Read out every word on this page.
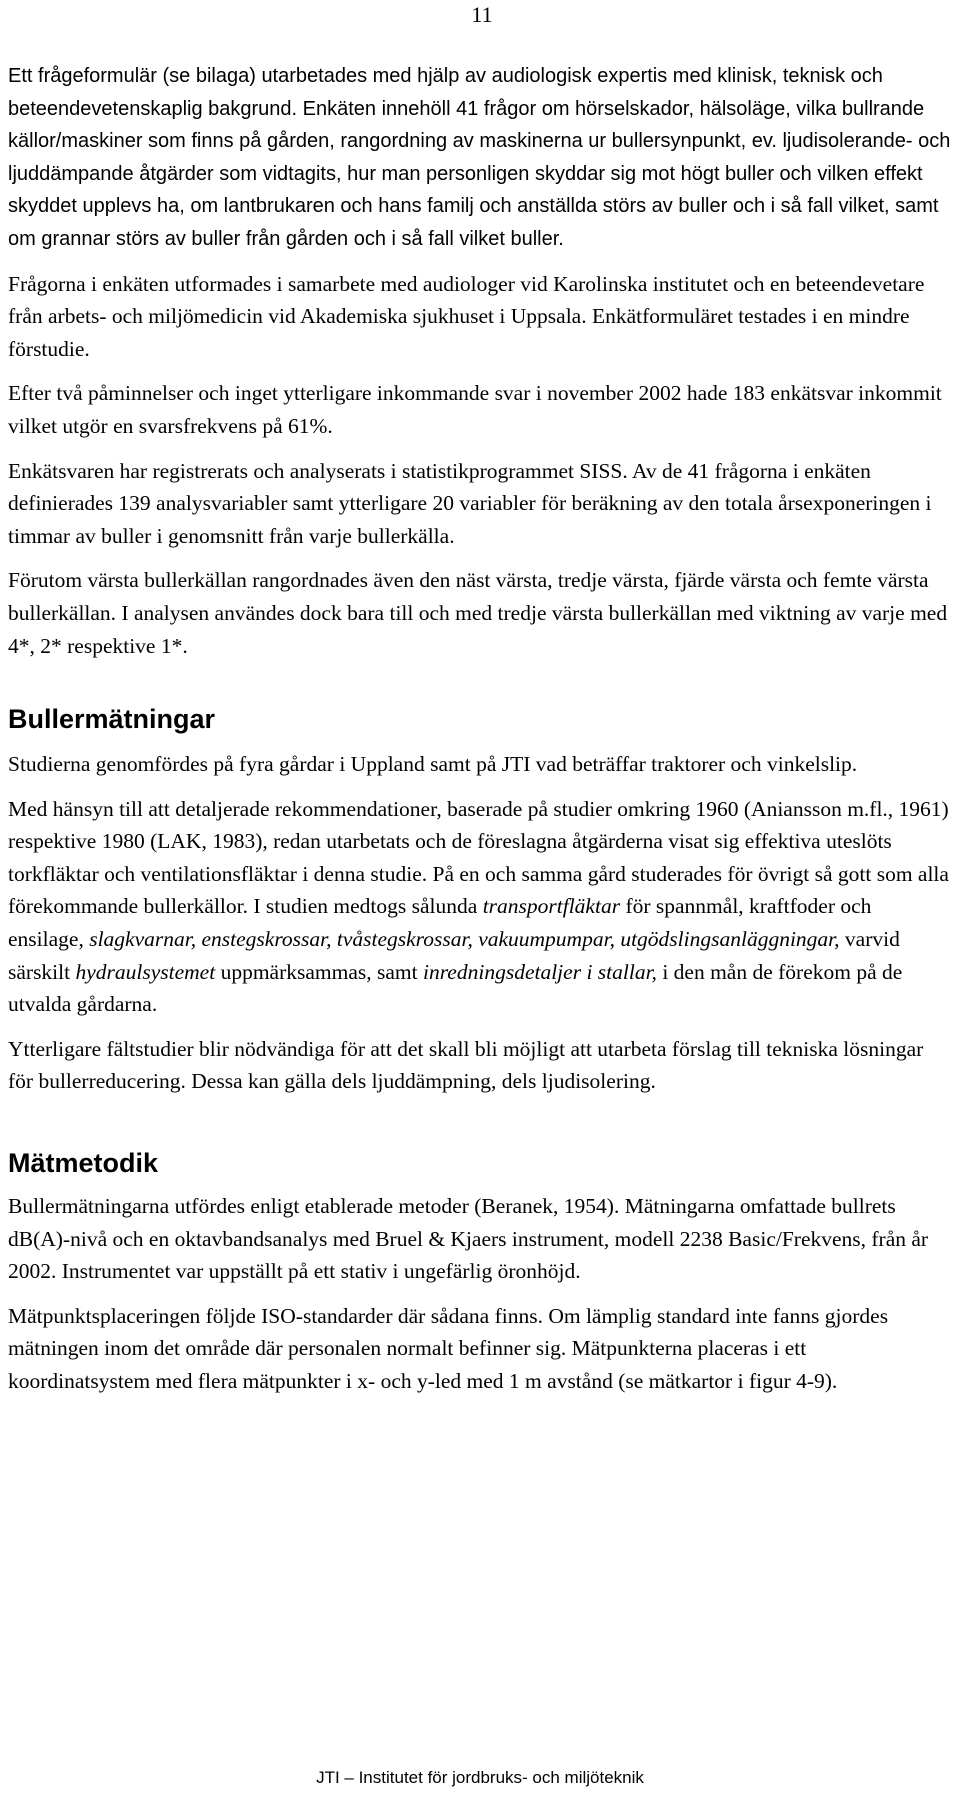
11

Ett frågeformulär (se bilaga) utarbetades med hjälp av audiologisk expertis med klinisk, teknisk och beteendevetenskaplig bakgrund. Enkäten innehöll 41 frågor om hörselskador, hälsoläge, vilka bullrande källor/maskiner som finns på gården, rangordning av maskinerna ur bullersynpunkt, ev. ljudisolerande- och ljuddämpande åtgärder som vidtagits, hur man personligen skyddar sig mot högt buller och vilken effekt skyddet upplevs ha, om lantbrukaren och hans familj och anställda störs av buller och i så fall vilket, samt om grannar störs av buller från gården och i så fall vilket buller.

Frågorna i enkäten utformades i samarbete med audiologer vid Karolinska institutet och en beteendevetare från arbets- och miljömedicin vid Akademiska sjukhuset i Uppsala. Enkätformuläret testades i en mindre förstudie.

Efter två påminnelser och inget ytterligare inkommande svar i november 2002 hade 183 enkätsvar inkommit vilket utgör en svarsfrekvens på 61%.

Enkätsvaren har registrerats och analyserats i statistikprogrammet SISS. Av de 41 frågorna i enkäten definierades 139 analysvariabler samt ytterligare 20 variabler för beräkning av den totala årsexponeringen i timmar av buller i genomsnitt från varje bullerkälla.

Förutom värsta bullerkällan rangordnades även den näst värsta, tredje värsta, fjärde värsta och femte värsta bullerkällan. I analysen användes dock bara till och med tredje värsta bullerkällan med viktning av varje med 4*, 2* respektive 1*.

Bullermätningar

Studierna genomfördes på fyra gårdar i Uppland samt på JTI vad beträffar traktorer och vinkelslip.

Med hänsyn till att detaljerade rekommendationer, baserade på studier omkring 1960 (Aniansson m.fl., 1961) respektive 1980 (LAK, 1983), redan utarbetats och de föreslagna åtgärderna visat sig effektiva uteslöts torkfläktar och ventilationsfläktar i denna studie. På en och samma gård studerades för övrigt så gott som alla förekommande bullerkällor. I studien medtogs sålunda transportfläktar för spannmål, kraftfoder och ensilage, slagkvarnar, enstegskrossar, tvåstegskrossar, vakuumpumpar, utgödslingsanläggningar, varvid särskilt hydraulsystemet uppmärksammas, samt inredningsdetaljer i stallar, i den mån de förekom på de utvalda gårdarna.

Ytterligare fältstudier blir nödvändiga för att det skall bli möjligt att utarbeta förslag till tekniska lösningar för bullerreducering. Dessa kan gälla dels ljuddämpning, dels ljudisolering.

Mätmetodik

Bullermätningarna utfördes enligt etablerade metoder (Beranek, 1954). Mätningarna omfattade bullrets dB(A)-nivå och en oktavbandsanalys med Bruel & Kjaers instrument, modell 2238 Basic/Frekvens, från år 2002. Instrumentet var uppställt på ett stativ i ungefärlig öronhöjd.

Mätpunktsplaceringen följde ISO-standarder där sådana finns. Om lämplig standard inte fanns gjordes mätningen inom det område där personalen normalt befinner sig. Mätpunkterna placeras i ett koordinatsystem med flera mätpunkter i x- och y-led med 1 m avstånd (se mätkartor i figur 4-9).

JTI – Institutet för jordbruks- och miljöteknik
